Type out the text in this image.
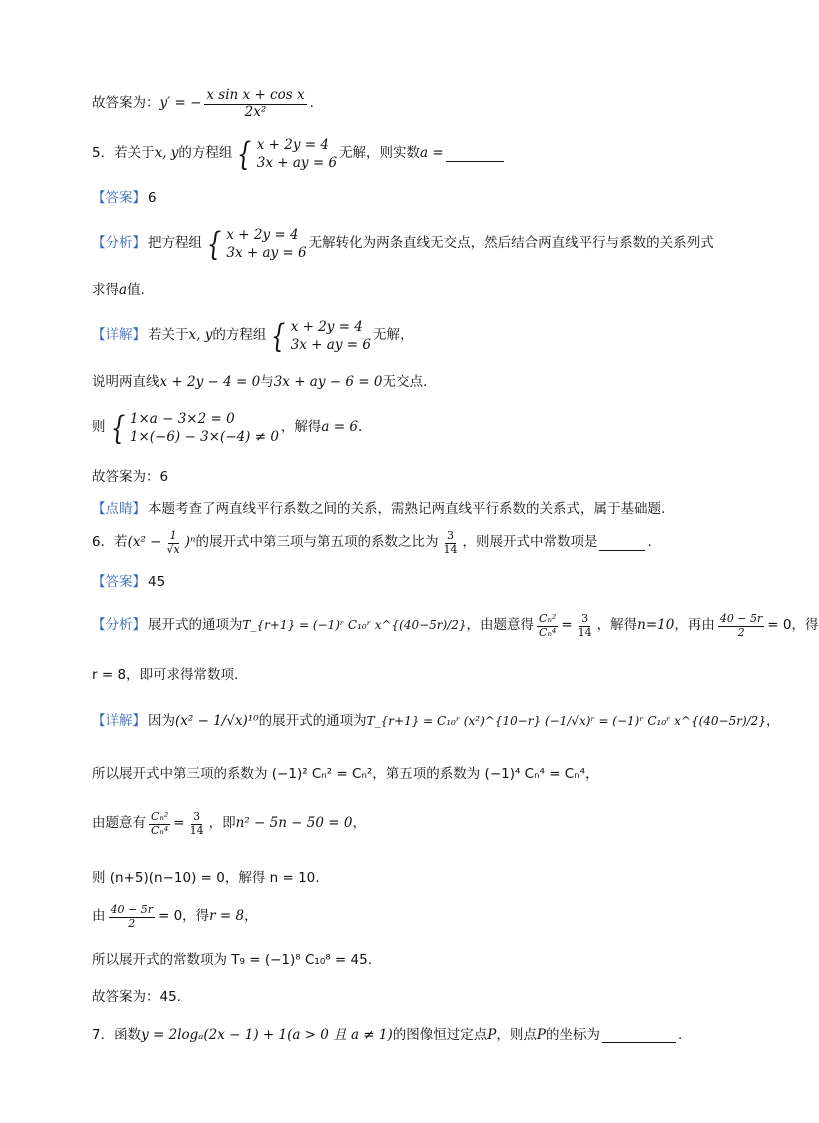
故答案为： y′ = − $\frac{\text{x sin x + cos x}}{\text{2x²}}$ .
5． 若关于 x, y 的方程组 { x + 2y = 4
3x + ay = 6
无解，则实数 a =
【答案】 6
【分析】 把方程组 { x + 2y = 4
3x + ay = 6
无解转化为两条直线无交点，然后结合两直线平行与系数的关系列式
求得 a 值.
【详解】 若关于 x, y 的方程组 { x + 2y = 4
3x + ay = 6
无解，
说明两直线 x + 2y − 4 = 0 与 3x + ay − 6 = 0 无交点.
则 { 1×a − 3×2 = 0
1×(−6) − 3×(−4) ≠ 0
，解得 a = 6.
故答案为：6
【点睛】 本题考查了两直线平行系数之间的关系，需熟记两直线平行系数的关系式，属于基础题.
6． 若 $(x^2 - \frac{1}{√x} )^n$ 的展开式中第三项与第五项的系数之比为 $\frac{3}{14}$ ，则展开式中常数项是	.
【答案】 45
【分析】 展开式的通项为 T_{r+1} = (−1)ʳ C₁₀ʳ x^{(40−5r)/2} ，由题意得 $\frac{\text{Cₙ²}}{\text{Cₙ⁴}} = \frac{3}{14}$ ，解得 n=10 ，再由 $\frac{40 - 5r}{2} = 0$，得
r = 8，即可求得常数项.
【详解】 因为 (x² − 1/√x)¹⁰ 的展开式的通项为 T_{r+1} = C₁₀ʳ (x²)^{10−r} (−1/√x)ʳ = (−1)ʳ C₁₀ʳ x^{(40−5r)/2} ，
所以展开式中第三项的系数为 (−1)² Cₙ² = Cₙ²，第五项的系数为 (−1)⁴ Cₙ⁴ = Cₙ⁴，
由题意有 $\frac{\text{Cₙ²}}{\text{Cₙ⁴}} = \frac{3}{14}$ ，即 n² − 5n − 50 = 0 ，
则 (n+5)(n−10) = 0，解得 n = 10.
由 $\frac{40 - 5r}{2} = 0$，得 r = 8 ，
所以展开式的常数项为 T₉ = (−1)⁸ C₁₀⁸ = 45.
故答案为：45.
7． 函数 y = 2logₐ(2x − 1) + 1(a > 0 且 a ≠ 1) 的图像恒过定点 P ，则点 P 的坐标为	.
